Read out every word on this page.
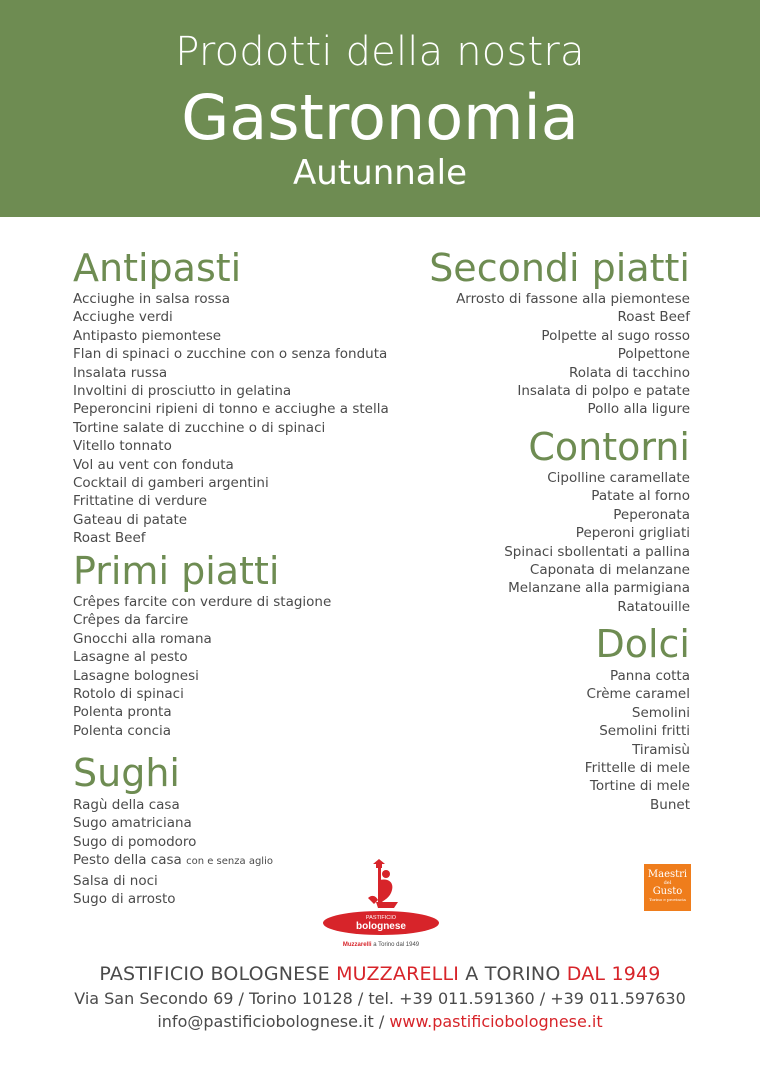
Prodotti della nostra
Gastronomia
Autunnale
Antipasti
Acciughe in salsa rossa
Acciughe verdi
Antipasto piemontese
Flan di spinaci o zucchine con o senza fonduta
Insalata russa
Involtini di prosciutto in gelatina
Peperoncini ripieni di tonno e acciughe a stella
Tortine salate di zucchine o di spinaci
Vitello tonnato
Vol au vent con fonduta
Cocktail di gamberi argentini
Frittatine di verdure
Gateau di patate
Roast Beef
Primi piatti
Crêpes farcite con verdure di stagione
Crêpes da farcire
Gnocchi alla romana
Lasagne al pesto
Lasagne bolognesi
Rotolo di spinaci
Polenta pronta
Polenta concia
Sughi
Ragù della casa
Sugo amatriciana
Sugo di pomodoro
Pesto della casa con e senza aglio
Salsa di noci
Sugo di arrosto
Secondi piatti
Arrosto di fassone alla piemontese
Roast Beef
Polpette al sugo rosso
Polpettone
Rolata di tacchino
Insalata di polpo e patate
Pollo alla ligure
Contorni
Cipolline caramellate
Patate al forno
Peperonata
Peperoni grigliati
Spinaci sbollentati a pallina
Caponata di melanzane
Melanzane alla parmigiana
Ratatouille
Dolci
Panna cotta
Crème caramel
Semolini
Semolini fritti
Tiramisù
Frittelle di mele
Tortine di mele
Bunet
PASTIFICIO
bolognese
Muzzarelli a Torino dal 1949
Maestri
del
Gusto
Torino e provincia
PASTIFICIO BOLOGNESE MUZZARELLI A TORINO DAL 1949
Via San Secondo 69 / Torino 10128 / tel. +39 011.591360 / +39 011.597630
info@pastificiobolognese.it / www.pastificiobolognese.it
